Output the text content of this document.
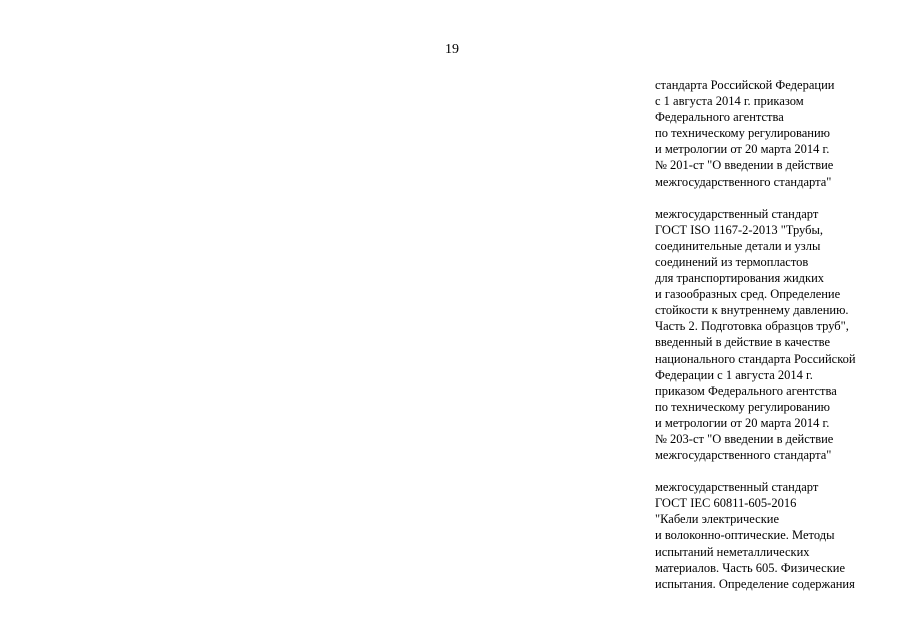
19
стандарта Российской Федерации
с 1 августа 2014 г. приказом
Федерального агентства
по техническому регулированию
и метрологии от 20 марта 2014 г.
№ 201-ст "О введении в действие
межгосударственного стандарта"
межгосударственный стандарт
ГОСТ ISO 1167-2-2013 "Трубы,
соединительные детали и узлы
соединений из термопластов
для транспортирования жидких
и газообразных сред. Определение
стойкости к внутреннему давлению.
Часть 2. Подготовка образцов труб",
введенный в действие в качестве
национального стандарта Российской
Федерации с 1 августа 2014 г.
приказом Федерального агентства
по техническому регулированию
и метрологии от 20 марта 2014 г.
№ 203-ст "О введении в действие
межгосударственного стандарта"
межгосударственный стандарт
ГОСТ IEC 60811-605-2016
"Кабели электрические
и волоконно-оптические. Методы
испытаний неметаллических
материалов. Часть 605. Физические
испытания. Определение содержания
